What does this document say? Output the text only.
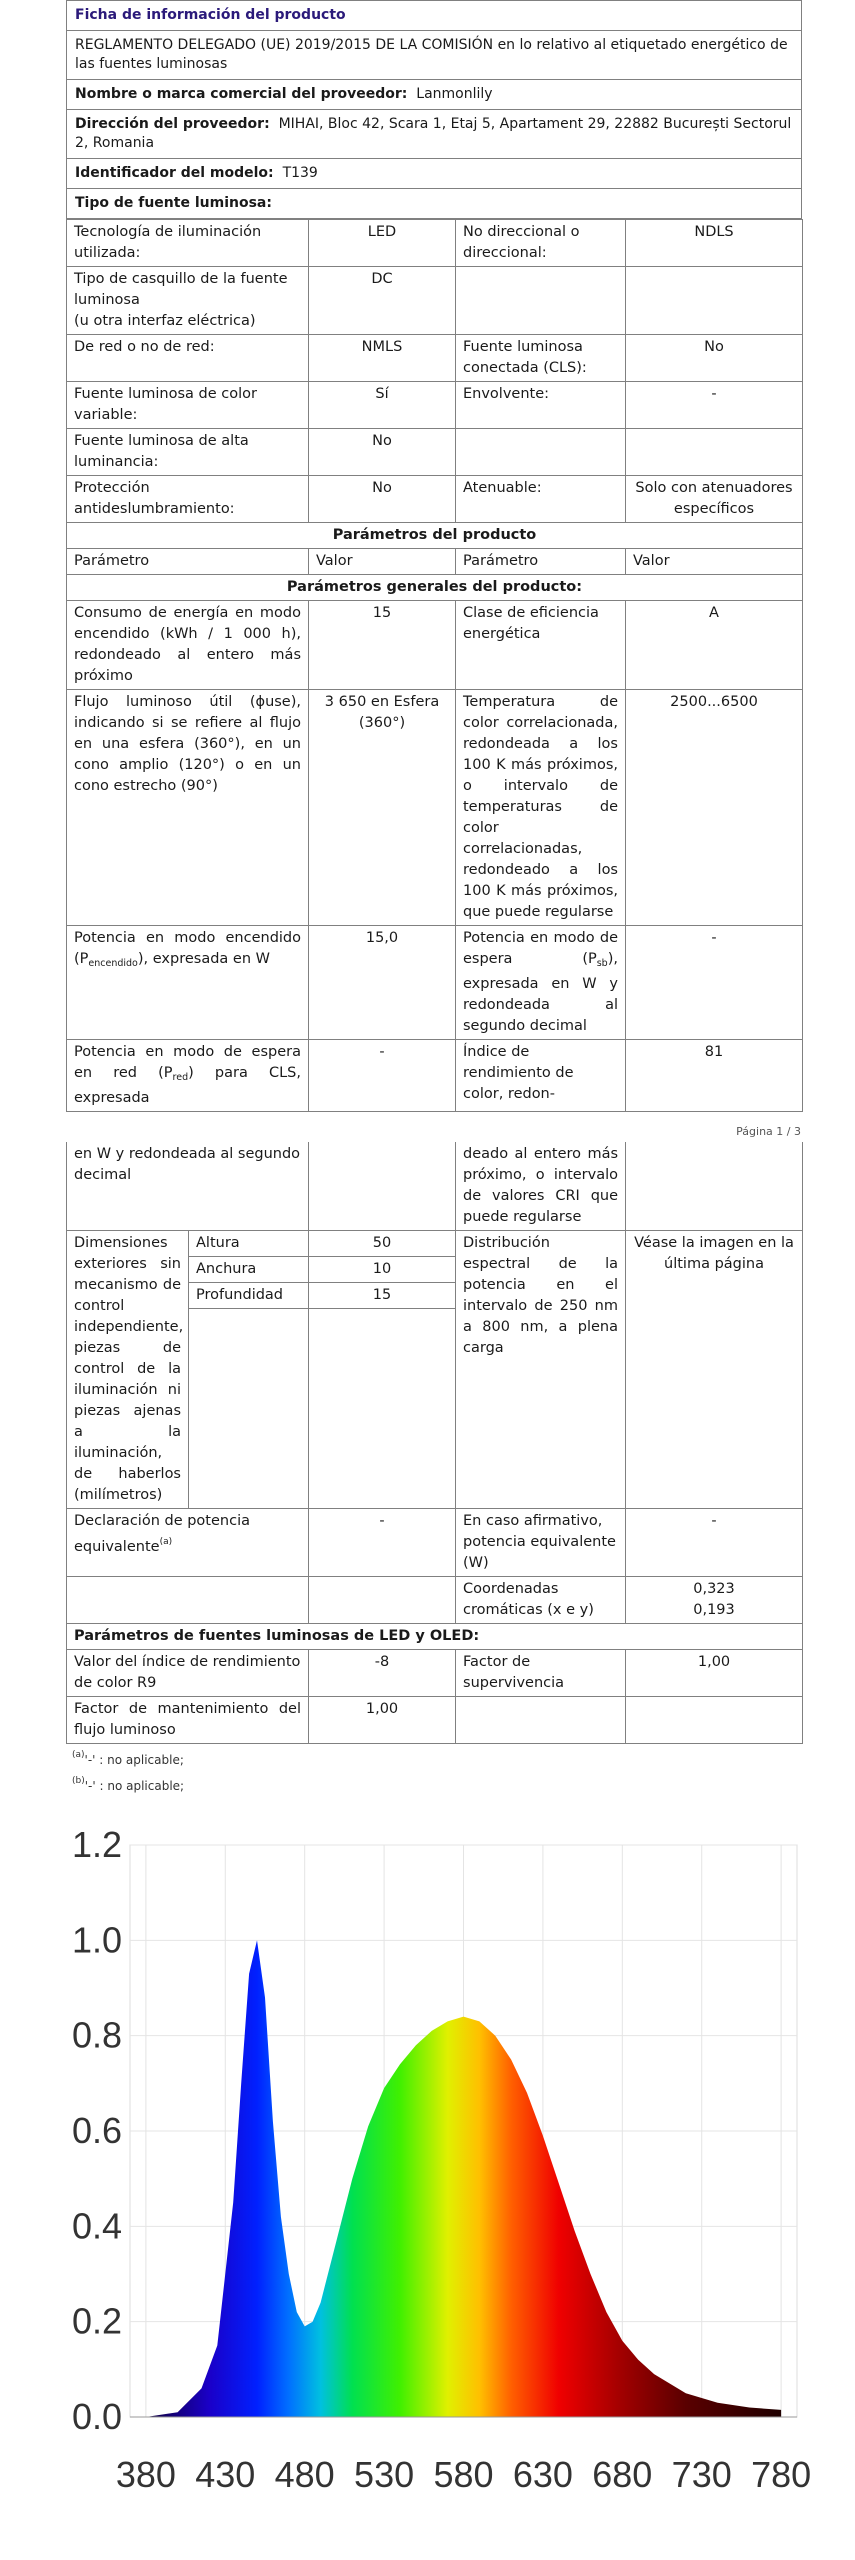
Ficha de información del producto
REGLAMENTO DELEGADO (UE) 2019/2015 DE LA COMISIÓN en lo relativo al etiquetado energético de las fuentes luminosas
Nombre o marca comercial del proveedor: Lanmonlily
Dirección del proveedor: MIHAI, Bloc 42, Scara 1, Etaj 5, Apartament 29, 22882 București Sectorul 2, Romania
Identificador del modelo: T139
Tipo de fuente luminosa:
Tecnología de iluminación utilizada:	LED	No direccional o direccional:	NDLS
Tipo de casquillo de la fuente luminosa
(u otra interfaz eléctrica)	DC		
De red o no de red:	NMLS	Fuente luminosa conectada (CLS):	No
Fuente luminosa de color variable:	Sí	Envolvente:	-
Fuente luminosa de alta luminancia:	No		
Protección antideslumbramiento:	No	Atenuable:	Solo con atenuadores específicos
Parámetros del producto			
Parámetro	Valor	Parámetro	Valor
Parámetros generales del producto:			
Consumo de energía en modo encendido (kWh / 1 000 h), redondeado al entero más próximo	15	Clase de eficiencia energética	A
Flujo luminoso útil (ɸuse), indicando si se refiere al flujo en una esfera (360°), en un cono amplio (120°) o en un cono estrecho (90°)	3 650 en Esfera (360°)	Temperatura de color correlacionada, redondeada a los 100 K más próximos, o intervalo de temperaturas de color correlacionadas, redondeado a los 100 K más próximos, que puede regularse	2500...6500
Potencia en modo encendido $(P_{encendido})$, expresada en W	15,0	Potencia en modo de espera $(P_{sb})$, expresada en W y redondeada al segundo decimal	-
Potencia en modo de espera en red $(P_{red})$ para CLS, expresada	-	Índice de rendimiento de color, redon-	81
Página 1 / 3
en W y redondeada al segundo decimal			deado al entero más próximo, o intervalo de valores CRI que puede regularse	
Dimensiones exteriores sin mecanismo de control independiente, piezas de control de la iluminación ni piezas ajenas a la iluminación, de haberlos (milímetros)	Altura	50	Distribución espectral de la potencia en el intervalo de 250 nm a 800 nm, a plena carga	Véase la imagen en la última página
	Anchura	10		
	Profundidad	15		

Declaración de potencia equivalente$^{(a)}$		-	En caso afirmativo, potencia equivalente (W)	-
			Coordenadas cromáticas (x e y)	0,323
0,193
Parámetros de fuentes luminosas de LED y OLED:				
Valor del índice de rendimiento de color R9		-8	Factor de supervivencia	1,00
Factor de mantenimiento del flujo luminoso		1,00		
$^{(a)}$'-' : no aplicable;
$^{(b)}$'-' : no aplicable;
0.0
0.2
0.4
0.6
0.8
1.0
1.2
380 430 480 530 580 630 680 730 780
